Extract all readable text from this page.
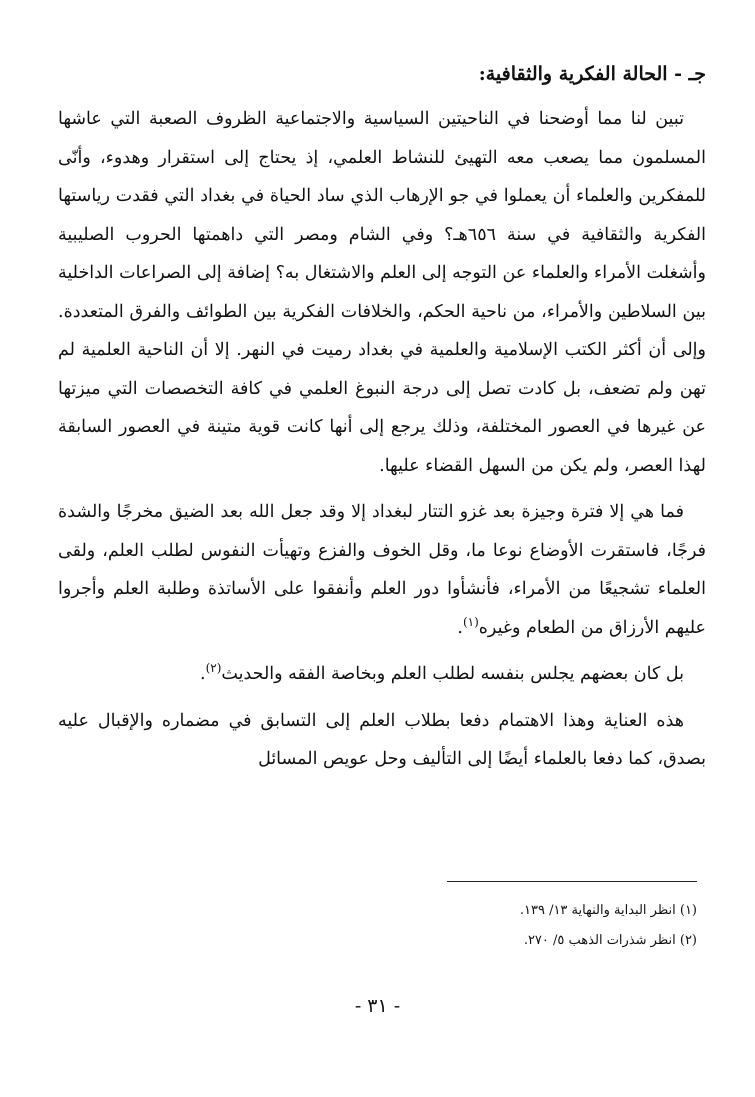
جـ - الحالة الفكرية والثقافية:

تبين لنا مما أوضحنا في الناحيتين السياسية والاجتماعية الظروف الصعبة التي عاشها المسلمون مما يصعب معه التهيئ للنشاط العلمي، إذ يحتاج إلى استقرار وهدوء، وأنّى للمفكرين والعلماء أن يعملوا في جو الإرهاب الذي ساد الحياة في بغداد التي فقدت رياستها الفكرية والثقافية في سنة ٦٥٦هـ؟ وفي الشام ومصر التي داهمتها الحروب الصليبية وأشغلت الأمراء والعلماء عن التوجه إلى العلم والاشتغال به؟ إضافة إلى الصراعات الداخلية بين السلاطين والأمراء، من ناحية الحكم، والخلافات الفكرية بين الطوائف والفرق المتعددة. وإلى أن أكثر الكتب الإسلامية والعلمية في بغداد رميت في النهر. إلا أن الناحية العلمية لم تهن ولم تضعف، بل كادت تصل إلى درجة النبوغ العلمي في كافة التخصصات التي ميزتها عن غيرها في العصور المختلفة، وذلك يرجع إلى أنها كانت قوية متينة في العصور السابقة لهذا العصر، ولم يكن من السهل القضاء عليها.

فما هي إلا فترة وجيزة بعد غزو التتار لبغداد إلا وقد جعل الله بعد الضيق مخرجًا والشدة فرجًا، فاستقرت الأوضاع نوعا ما، وقل الخوف والفزع وتهيأت النفوس لطلب العلم، ولقى العلماء تشجيعًا من الأمراء، فأنشأوا دور العلم وأنفقوا على الأساتذة وطلبة العلم وأجروا عليهم الأرزاق من الطعام وغيره$^{(١)}$.

بل كان بعضهم يجلس بنفسه لطلب العلم وبخاصة الفقه والحديث$^{(٢)}$.

هذه العناية وهذا الاهتمام دفعا بطلاب العلم إلى التسابق في مضماره والإقبال عليه بصدق، كما دفعا بالعلماء أيضًا إلى التأليف وحل عويص المسائل

(١) انظر البداية والنهاية ١٣/ ١٣٩.

(٢) انظر شذرات الذهب ٥/ ٢٧٠.

- ٣١ -
